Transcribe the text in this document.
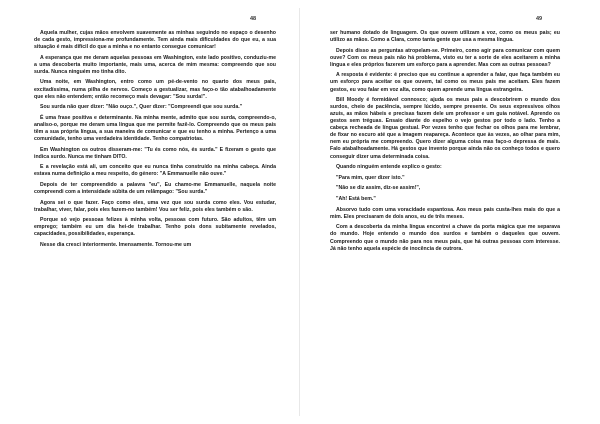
48

Aquela mulher, cujas mãos envolvem suavemente as minhas seguindo no espaço o desenho de cada gesto, impressiona-me profundamente. Tem ainda mais dificuldades do que eu, a sua situação é mais difícil do que a minha e no entanto consegue comunicar!

A esperança que me deram aquelas pessoas em Washington, este lado positivo, conduziu-me a uma descoberta muito importante, mais uma, acerca de mim mesma: compreendo que sou surda. Nunca ninguém mo tinha dito.

Uma noite, em Washington, entro como um pé-de-vento no quarto dos meus pais, excitadíssima, numa pilha de nervos. Começo a gestualizar, mas faço-o tão atabalhoadamente que eles não entendem; então recomeço mais devagar: "Sou surda!".

Sou surda não quer dizer: "Não ouço.", Quer dizer: "Compreendi que sou surda."

É uma frase positiva e determinante. Na minha mente, admito que sou surda, compreendo-o, analiso-o, porque me deram uma língua que me permite fazê-lo. Compreendo que os meus pais têm a sua própria língua, a sua maneira de comunicar e que eu tenho a minha. Pertenço a uma comunidade, tenho uma verdadeira identidade. Tenho compatriotas.

Em Washington os outros disseram-me: "Tu és como nós, és surda." E fizeram o gesto que indica surdo. Nunca me tinham DITO.

E a revelação está ali, um conceito que eu nunca tinha construído na minha cabeça. Ainda estava numa definição a meu respeito, do género: "A Emmanuelle não ouve."

Depois de ter compreendido a palavra "eu", Eu chamo-me Emmanuelle, naquela noite compreendi com a intensidade súbita de um relâmpago: "Sou surda."

Agora sei o que fazer. Faço como eles, uma vez que sou surda como eles. Vou estudar, trabalhar, viver, falar, pois eles fazem-no também! Vou ser feliz, pois eles também o são.

Porque só vejo pessoas felizes à minha volta, pessoas com futuro. São adultos, têm um emprego; também eu um dia hei-de trabalhar. Tenho pois dons subitamente revelados, capacidades, possibilidades, esperança.

Nesse dia cresci interiormente. Imensamente. Tornou-me um

49

ser humano dotado de linguagem. Os que ouvem utilizam a voz, como os meus pais; eu utilizo as mãos. Como a Clara, como tanta gente que usa a mesma língua.

Depois disso as perguntas atropelam-se. Primeiro, como agir para comunicar com quem ouve? Com os meus pais não há problema, visto eu ter a sorte de eles aceitarem a minha língua e eles próprios fazerem um esforço para a aprender. Mas com as outras pessoas?

A resposta é evidente: é preciso que eu continue a aprender a falar, que faça também eu um esforço para aceitar os que ouvem, tal como os meus pais me aceitam. Eles fazem gestos, eu vou falar em voz alta, como quem aprende uma língua estrangeira.

Bill Moody é formidável connosco; ajuda os meus pais a descobrirem o mundo dos surdos, cheio de paciência, sempre lúcido, sempre presente. Os seus expressivos olhos azuis, as mãos hábeis e precisas fazem dele um professor e um guia notável. Aprendo os gestos sem tréguas. Ensaio diante do espelho o vejo gestos por todo o lado. Tenho a cabeça recheada de língua gestual. Por vezes tenho que fechar os olhos para me lembrar, de fixar no escuro até que a imagem reapareça. Acontece que às vezes, ao olhar para mim, nem eu própria me compreendo. Quero dizer alguma coisa mas faço-o depressa de mais. Falo atabalhoadamente. Há gestos que invento porque ainda não os conheço todos e quero conseguir dizer uma determinada coisa.

Quando ninguém entende explico o gesto:

"Para mim, quer dizer isto."

"Não se diz assim, diz-se assim!",

"Ah! Está bem."

Absorvo tudo com uma voracidade espantosa. Aos meus pais custa-lhes mais do que a mim. Eles precisaram de dois anos, eu de três meses.

Com a descoberta da minha língua encontrei a chave da porta mágica que me separava do mundo. Hoje entendo o mundo dos surdos e também o daqueles que ouvem. Compreendo que o mundo não para nos meus pais, que há outras pessoas com interesse. Já não tenho aquela espécie de inocência de outrora.
